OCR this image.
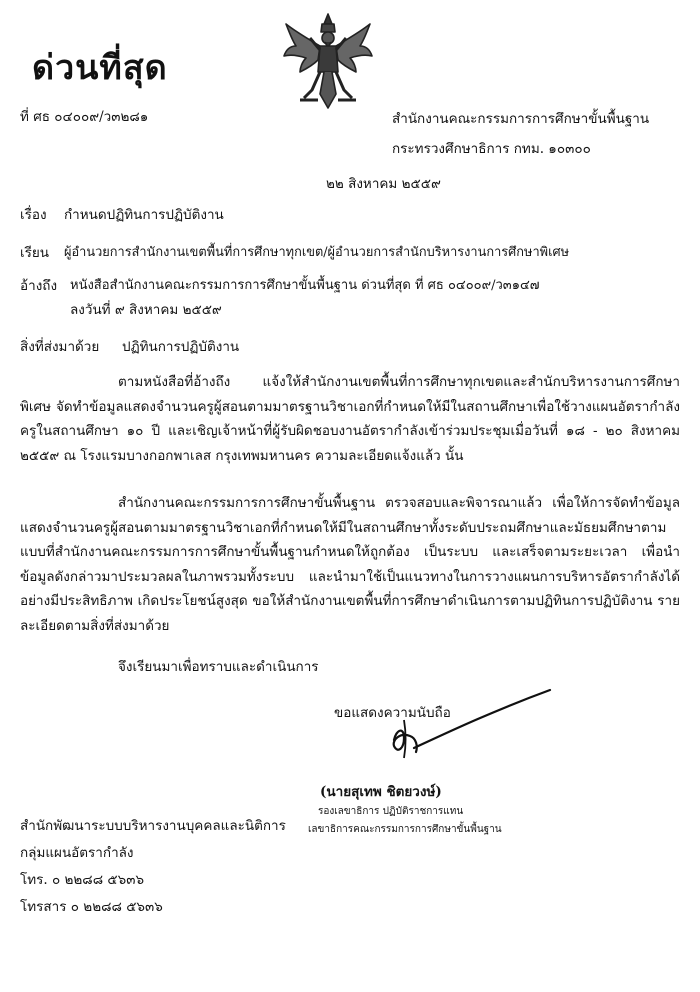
ด่วนที่สุด
ที่ ศธ ๐๔๐๐๙/ว๓๒๘๑	สำนักงานคณะกรรมการการศึกษาขั้นพื้นฐาน
กระทรวงศึกษาธิการ กทม. ๑๐๓๐๐
๒๒ สิงหาคม ๒๕๕๙
เรื่อง กำหนดปฏิทินการปฏิบัติงาน
เรียน ผู้อำนวยการสำนักงานเขตพื้นที่การศึกษาทุกเขต/ผู้อำนวยการสำนักบริหารงานการศึกษาพิเศษ
อ้างถึง หนังสือสำนักงานคณะกรรมการการศึกษาขั้นพื้นฐาน ด่วนที่สุด ที่ ศธ ๐๔๐๐๙/ว๓๑๔๗
ลงวันที่ ๙ สิงหาคม ๒๕๕๙
สิ่งที่ส่งมาด้วย ปฏิทินการปฏิบัติงาน
ตามหนังสือที่อ้างถึง แจ้งให้สำนักงานเขตพื้นที่การศึกษาทุกเขตและสำนักบริหารงานการศึกษาพิเศษ จัดทำข้อมูลแสดงจำนวนครูผู้สอนตามมาตรฐานวิชาเอกที่กำหนดให้มีในสถานศึกษาเพื่อใช้วางแผนอัตรากำลังครูในสถานศึกษา ๑๐ ปี และเชิญเจ้าหน้าที่ผู้รับผิดชอบงานอัตรากำลังเข้าร่วมประชุมเมื่อวันที่ ๑๘ - ๒๐ สิงหาคม ๒๕๕๙ ณ โรงแรมบางกอกพาเลส กรุงเทพมหานคร ความละเอียดแจ้งแล้ว นั้น
สำนักงานคณะกรรมการการศึกษาขั้นพื้นฐาน ตรวจสอบและพิจารณาแล้ว เพื่อให้การจัดทำข้อมูลแสดงจำนวนครูผู้สอนตามมาตรฐานวิชาเอกที่กำหนดให้มีในสถานศึกษาทั้งระดับประถมศึกษาและมัธยมศึกษาตามแบบที่สำนักงานคณะกรรมการการศึกษาขั้นพื้นฐานกำหนดให้ถูกต้อง เป็นระบบ และเสร็จตามระยะเวลา เพื่อนำข้อมูลดังกล่าวมาประมวลผลในภาพรวมทั้งระบบ และนำมาใช้เป็นแนวทางในการวางแผนการบริหารอัตรากำลังได้อย่างมีประสิทธิภาพ เกิดประโยชน์สูงสุด ขอให้สำนักงานเขตพื้นที่การศึกษาดำเนินการตามปฏิทินการปฏิบัติงาน รายละเอียดตามสิ่งที่ส่งมาด้วย
จึงเรียนมาเพื่อทราบและดำเนินการ
ขอแสดงความนับถือ
(นายสุเทพ ชิตยวงษ์)
รองเลขาธิการ ปฏิบัติราชการแทน
เลขาธิการคณะกรรมการการศึกษาขั้นพื้นฐาน
สำนักพัฒนาระบบบริหารงานบุคคลและนิติการ
กลุ่มแผนอัตรากำลัง
โทร. ๐ ๒๒๘๘ ๕๖๓๖
โทรสาร ๐ ๒๒๘๘ ๕๖๓๖
